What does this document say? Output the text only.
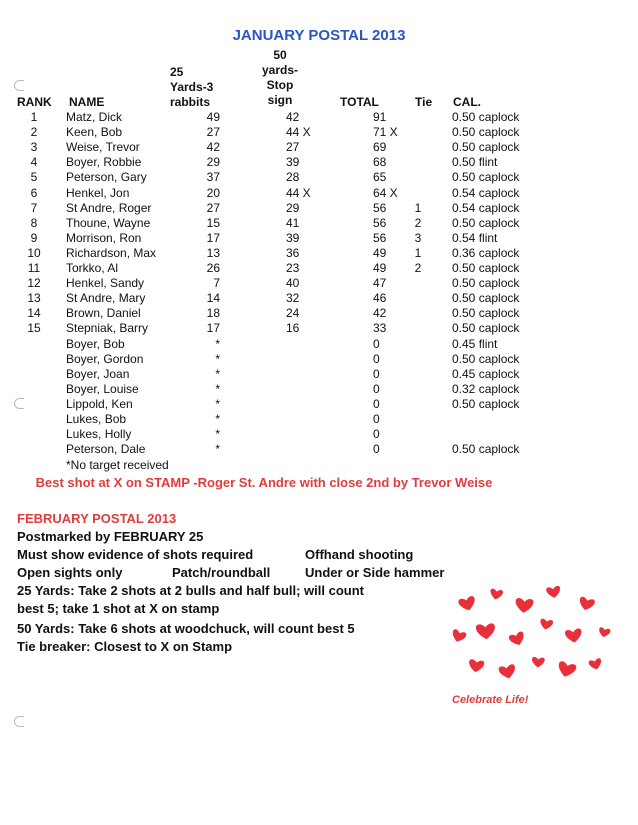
JANUARY POSTAL 2013
RANK NAME
25
Yards-3
rabbits
50
yards-
Stop
sign	TOTAL	Tie CAL.
1	Matz, Dick	49	42	91	0.50 caplock
2	Keen, Bob	27	44 X	71 X	0.50 caplock
3	Weise, Trevor	42	27	69	0.50 caplock
4	Boyer, Robbie	29	39	68	0.50 flint
5	Peterson, Gary	37	28	65	0.50 caplock
6	Henkel, Jon	20	44 X	64 X	0.54 caplock
7	St Andre, Roger	27	29	56	1	0.54 caplock
8	Thoune, Wayne	15	41	56	2	0.50 caplock
9	Morrison, Ron	17	39	56	3	0.54 flint
10	Richardson, Max	13	36	49	1	0.36 caplock
11	Torkko, Al	26	23	49	2	0.50 caplock
12	Henkel, Sandy	7	40	47	0.50 caplock
13	St Andre, Mary	14	32	46	0.50 caplock
14	Brown, Daniel	18	24	42	0.50 caplock
15	Stepniak, Barry	17	16	33	0.50 caplock
Boyer, Bob	*	0	0.45 flint
Boyer, Gordon	*	0	0.50 caplock
Boyer, Joan	*	0	0.45 caplock
Boyer, Louise	*	0	0.32 caplock
Lippold, Ken	*	0	0.50 caplock
Lukes, Bob	*	0
Lukes, Holly	*	0
Peterson, Dale	*	0	0.50 caplock
*No target received
Best shot at X on STAMP -Roger St. Andre with close 2nd by Trevor Weise
FEBRUARY POSTAL 2013
Postmarked by FEBRUARY 25
Must show evidence of shots required	Offhand shooting
Open sights only	Patch/roundball	Under or Side hammer
25 Yards: Take 2 shots at 2 bulls and half bull; will count
best 5; take 1 shot at X on stamp
50 Yards: Take 6 shots at woodchuck, will count best 5
Tie breaker: Closest to X on Stamp
Celebrate Life!
